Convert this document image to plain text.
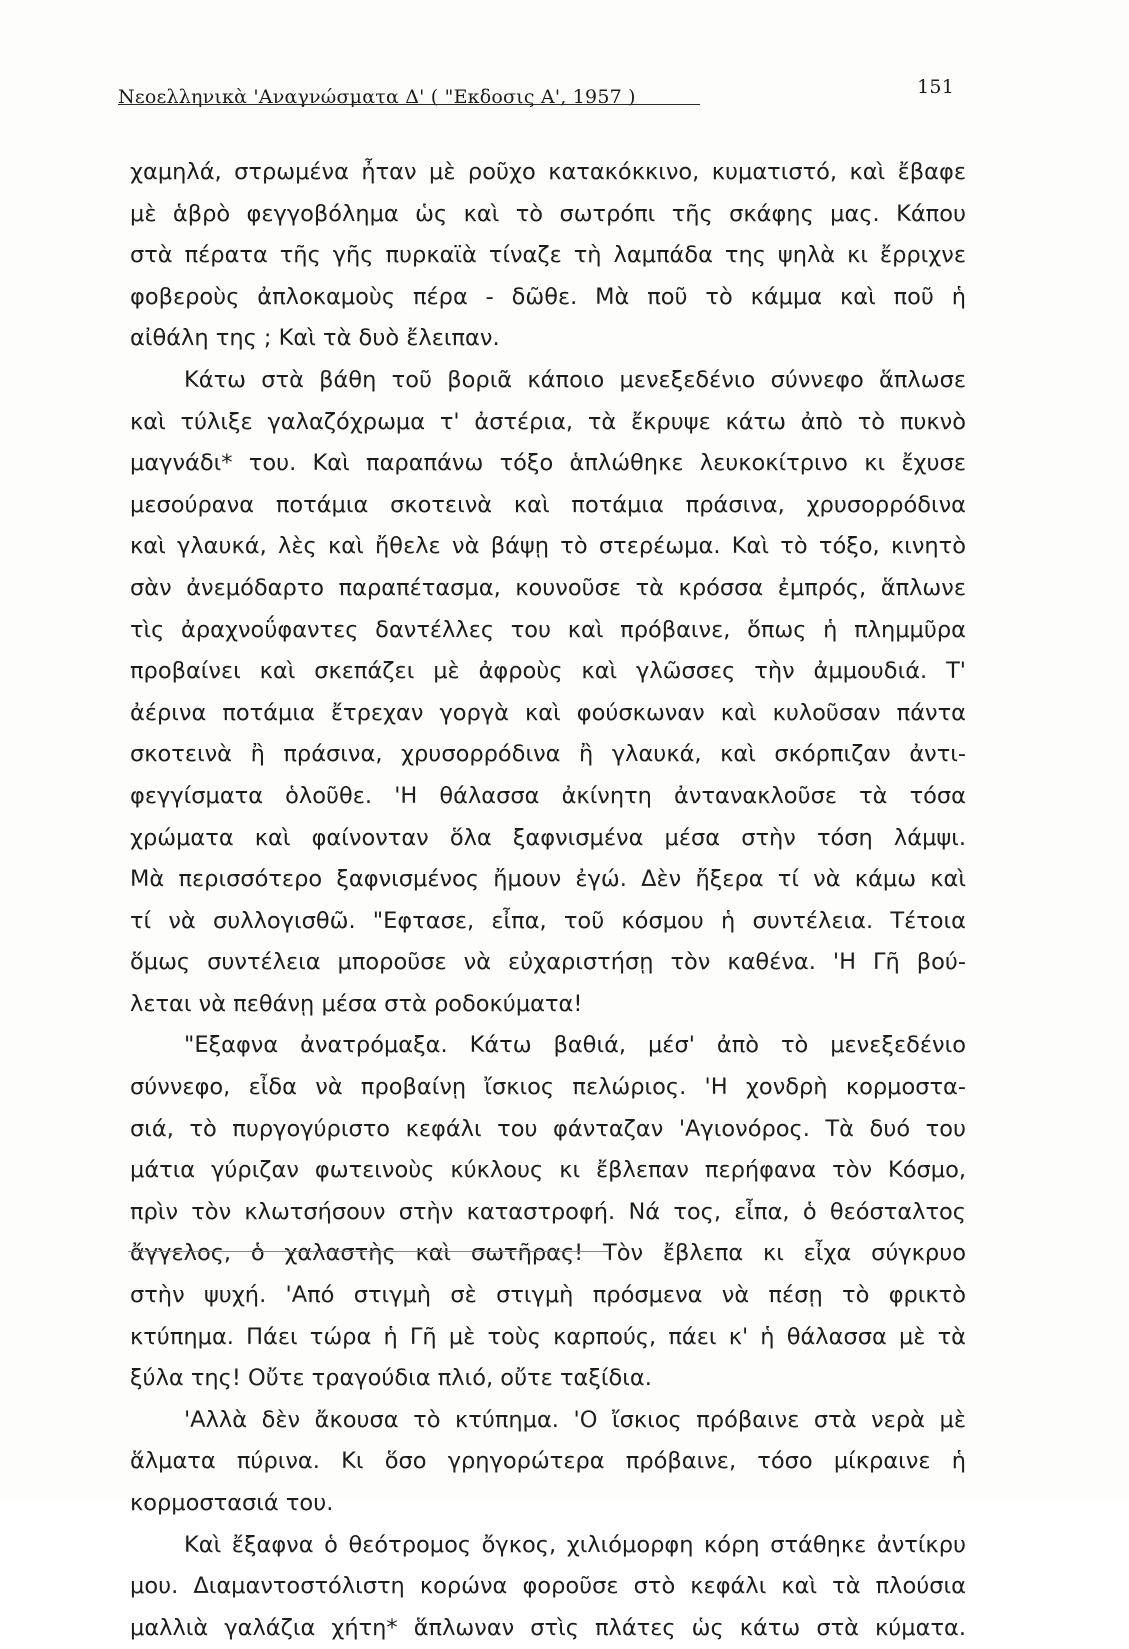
Νεοελληνικὰ 'Αναγνώσματα Δ' ( "Εκδοσις Α', 1957 )	151
χαμηλά, στρωμένα ἦταν μὲ ροῦχο κατακόκκινο, κυματιστό, καὶ ἔβαφε
μὲ ἁβρὸ φεγγοβόλημα ὡς καὶ τὸ σωτρόπι τῆς σκάφης μας. Κάπου
στὰ πέρατα τῆς γῆς πυρκαϊὰ τίναζε τὴ λαμπάδα της ψηλὰ κι ἔρριχνε
φοβεροὺς ἀπλοκαμοὺς πέρα - δῶθε. Μὰ ποῦ τὸ κάμμα καὶ ποῦ ἡ
αἰθάλη της ; Καὶ τὰ δυὸ ἔλειπαν.
Κάτω στὰ βάθη τοῦ βοριᾶ κάποιο μενεξεδένιο σύννεφο ἅπλωσε
καὶ τύλιξε γαλαζόχρωμα τ' ἀστέρια, τὰ ἔκρυψε κάτω ἀπὸ τὸ πυκνὸ
μαγνάδι* του. Καὶ παραπάνω τόξο ἁπλώθηκε λευκοκίτρινο κι ἔχυσε
μεσούρανα ποτάμια σκοτεινὰ καὶ ποτάμια πράσινα, χρυσορρόδινα
καὶ γλαυκά, λὲς καὶ ἤθελε νὰ βάψῃ τὸ στερέωμα. Καὶ τὸ τόξο, κινητὸ
σὰν ἀνεμόδαρτο παραπέτασμα, κουνοῦσε τὰ κρόσσα ἐμπρός, ἅπλωνε
τὶς ἀραχνοΰφαντες δαντέλλες του καὶ πρόβαινε, ὅπως ἡ πλημμῦρα
προβαίνει καὶ σκεπάζει μὲ ἀφροὺς καὶ γλῶσσες τὴν ἀμμουδιά. Τ'
ἀέρινα ποτάμια ἔτρεχαν γοργὰ καὶ φούσκωναν καὶ κυλοῦσαν πάντα
σκοτεινὰ ἢ πράσινα, χρυσορρόδινα ἢ γλαυκά, καὶ σκόρπιζαν ἀντι-
φεγγίσματα ὁλοῦθε. 'Η θάλασσα ἀκίνητη ἀντανακλοῦσε τὰ τόσα
χρώματα καὶ φαίνονταν ὅλα ξαφνισμένα μέσα στὴν τόση λάμψι.
Μὰ περισσότερο ξαφνισμένος ἤμουν ἐγώ. Δὲν ἤξερα τί νὰ κάμω καὶ
τί νὰ συλλογισθῶ. "Εφτασε, εἶπα, τοῦ κόσμου ἡ συντέλεια. Τέτοια
ὅμως συντέλεια μποροῦσε νὰ εὐχαριστήσῃ τὸν καθένα. 'Η Γῆ βού-
λεται νὰ πεθάνῃ μέσα στὰ ροδοκύματα!
"Εξαφνα ἀνατρόμαξα. Κάτω βαθιά, μέσ' ἀπὸ τὸ μενεξεδένιο
σύννεφο, εἶδα νὰ προβαίνῃ ἴσκιος πελώριος. 'Η χονδρὴ κορμοστα-
σιά, τὸ πυργογύριστο κεφάλι του φάνταζαν 'Αγιονόρος. Τὰ δυό του
μάτια γύριζαν φωτεινοὺς κύκλους κι ἔβλεπαν περήφανα τὸν Κόσμο,
πρὶν τὸν κλωτσήσουν στὴν καταστροφή. Νά τος, εἶπα, ὁ θεόσταλτος
ἄγγελος, ὁ χαλαστὴς καὶ σωτῆρας! Τὸν ἔβλεπα κι εἶχα σύγκρυο
στὴν ψυχή. 'Από στιγμὴ σὲ στιγμὴ πρόσμενα νὰ πέσῃ τὸ φρικτὸ
κτύπημα. Πάει τώρα ἡ Γῆ μὲ τοὺς καρπούς, πάει κ' ἡ θάλασσα μὲ τὰ
ξύλα της! Οὔτε τραγούδια πλιό, οὔτε ταξίδια.
'Αλλὰ δὲν ἄκουσα τὸ κτύπημα. 'Ο ἴσκιος πρόβαινε στὰ νερὰ μὲ
ἅλματα πύρινα. Κι ὅσο γρηγορώτερα πρόβαινε, τόσο μίκραινε ἡ
κορμοστασιά του.
Καὶ ἔξαφνα ὁ θεότρομος ὄγκος, χιλιόμορφη κόρη στάθηκε ἀντίκρυ
μου. Διαμαντοστόλιστη κορώνα φοροῦσε στὸ κεφάλι καὶ τὰ πλούσια
μαλλιὰ γαλάζια χήτη* ἅπλωναν στὶς πλάτες ὡς κάτω στὰ κύματα.
